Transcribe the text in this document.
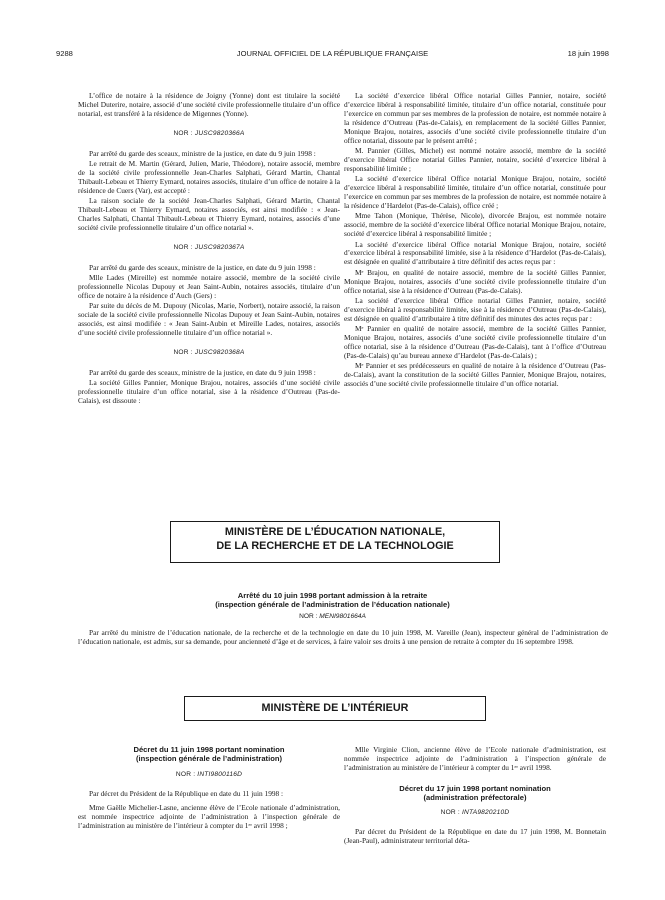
9288	JOURNAL OFFICIEL DE LA RÉPUBLIQUE FRANÇAISE	18 juin 1998

L’office de notaire à la résidence de Joigny (Yonne) dont est titulaire la société Michel Duterire, notaire, associé d’une société civile professionnelle titulaire d’un office notarial, est transféré à la résidence de Migennes (Yonne).

NOR : JUSC9820366A

Par arrêté du garde des sceaux, ministre de la justice, en date du 9 juin 1998 :

Le retrait de M. Martin (Gérard, Julien, Marie, Théodore), notaire associé, membre de la société civile professionnelle Jean-Charles Salphati, Gérard Martin, Chantal Thibault-Lebeau et Thierry Eymard, notaires associés, titulaire d’un office de notaire à la résidence de Cuers (Var), est accepté :

La raison sociale de la société Jean-Charles Salphati, Gérard Martin, Chantal Thibault-Lebeau et Thierry Eymard, notaires associés, est ainsi modifiée : « Jean-Charles Salphati, Chantal Thibault-Lebeau et Thierry Eymard, notaires, associés d’une société civile professionnelle titulaire d’un office notarial ».

NOR : JUSC9820367A

Par arrêté du garde des sceaux, ministre de la justice, en date du 9 juin 1998 :

Mlle Lades (Mireille) est nommée notaire associé, membre de la société civile professionnelle Nicolas Dupouy et Jean Saint-Aubin, notaires associés, titulaire d’un office de notaire à la résidence d’Auch (Gers) :

Par suite du décès de M. Dupouy (Nicolas, Marie, Norbert), notaire associé, la raison sociale de la société civile professionnelle Nicolas Dupouy et Jean Saint-Aubin, notaires associés, est ainsi modifiée : « Jean Saint-Aubin et Mireille Lades, notaires, associés d’une société civile professionnelle titulaire d’un office notarial ».

NOR : JUSC9820368A

Par arrêté du garde des sceaux, ministre de la justice, en date du 9 juin 1998 :

La société Gilles Pannier, Monique Brajou, notaires, associés d’une société civile professionnelle titulaire d’un office notarial, sise à la résidence d’Outreau (Pas-de-Calais), est dissoute :

La société d’exercice libéral Office notarial Gilles Pannier, notaire, société d’exercice libéral à responsabilité limitée, titulaire d’un office notarial, constituée pour l’exercice en commun par ses membres de la profession de notaire, est nommée notaire à la résidence d’Outreau (Pas-de-Calais), en remplacement de la société Gilles Pannier, Monique Brajou, notaires, associés d’une société civile professionnelle titulaire d’un office notarial, dissoute par le présent arrêté ;

M. Pannier (Gilles, Michel) est nommé notaire associé, membre de la société d’exercice libéral Office notarial Gilles Pannier, notaire, société d’exercice libéral à responsabilité limitée ;

La société d’exercice libéral Office notarial Monique Brajou, notaire, société d’exercice libéral à responsabilité limitée, titulaire d’un office notarial, constituée pour l’exercice en commun par ses membres de la profession de notaire, est nommée notaire à la résidence d’Hardelot (Pas-de-Calais), office créé ;

Mme Tahon (Monique, Thérèse, Nicole), divorcée Brajou, est nommée notaire associé, membre de la société d’exercice libéral Office notarial Monique Brajou, notaire, société d’exercice libéral à responsabilité limitée ;

La société d’exercice libéral Office notarial Monique Brajou, notaire, société d’exercice libéral à responsabilité limitée, sise à la résidence d’Hardelot (Pas-de-Calais), est désignée en qualité d’attributaire à titre définitif des actes reçus par :

Mᵉ Brajou, en qualité de notaire associé, membre de la société Gilles Pannier, Monique Brajou, notaires, associés d’une société civile professionnelle titulaire d’un office notarial, sise à la résidence d’Outreau (Pas-de-Calais).

La société d’exercice libéral Office notarial Gilles Pannier, notaire, société d’exercice libéral à responsabilité limitée, sise à la résidence d’Outreau (Pas-de-Calais), est désignée en qualité d’attributaire à titre définitif des minutes des actes reçus par :

Mᵉ Pannier en qualité de notaire associé, membre de la société Gilles Pannier, Monique Brajou, notaires, associés d’une société civile professionnelle titulaire d’un office notarial, sise à la résidence d’Outreau (Pas-de-Calais), tant à l’office d’Outreau (Pas-de-Calais) qu’au bureau annexe d’Hardelot (Pas-de-Calais) ;

Mᵉ Pannier et ses prédécesseurs en qualité de notaire à la résidence d’Outreau (Pas-de-Calais), avant la constitution de la société Gilles Pannier, Monique Brajou, notaires, associés d’une société civile professionnelle titulaire d’un office notarial.

MINISTÈRE DE L’ÉDUCATION NATIONALE,
DE LA RECHERCHE ET DE LA TECHNOLOGIE
Arrêté du 10 juin 1998 portant admission à la retraite
(inspection générale de l’administration de l’éducation nationale)
NOR : MENI9801664A

Par arrêté du ministre de l’éducation nationale, de la recherche et de la technologie en date du 10 juin 1998, M. Vareille (Jean), inspecteur général de l’administration de l’éducation nationale, est admis, sur sa demande, pour ancienneté d’âge et de services, à faire valoir ses droits à une pension de retraite à compter du 16 septembre 1998.

MINISTÈRE DE L’INTÉRIEUR

Décret du 11 juin 1998 portant nomination

(inspection générale de l’administration)

NOR : INTI9800116D

Par décret du Président de la République en date du 11 juin 1998 :

Mme Gaëlle Michelier-Lasne, ancienne élève de l’Ecole nationale d’administration, est nommée inspectrice adjointe de l’administration à l’inspection générale de l’administration au ministère de l’intérieur à compter du 1ᵉʳ avril 1998 ;

Mlle Virginie Clion, ancienne élève de l’Ecole nationale d’administration, est nommée inspectrice adjointe de l’administration à l’inspection générale de l’administration au ministère de l’intérieur à compter du 1ᵉʳ avril 1998.

Décret du 17 juin 1998 portant nomination

(administration préfectorale)

NOR : INTA9820210D

Par décret du Président de la République en date du 17 juin 1998, M. Bonnetain (Jean-Paul), administrateur territorial déta-
